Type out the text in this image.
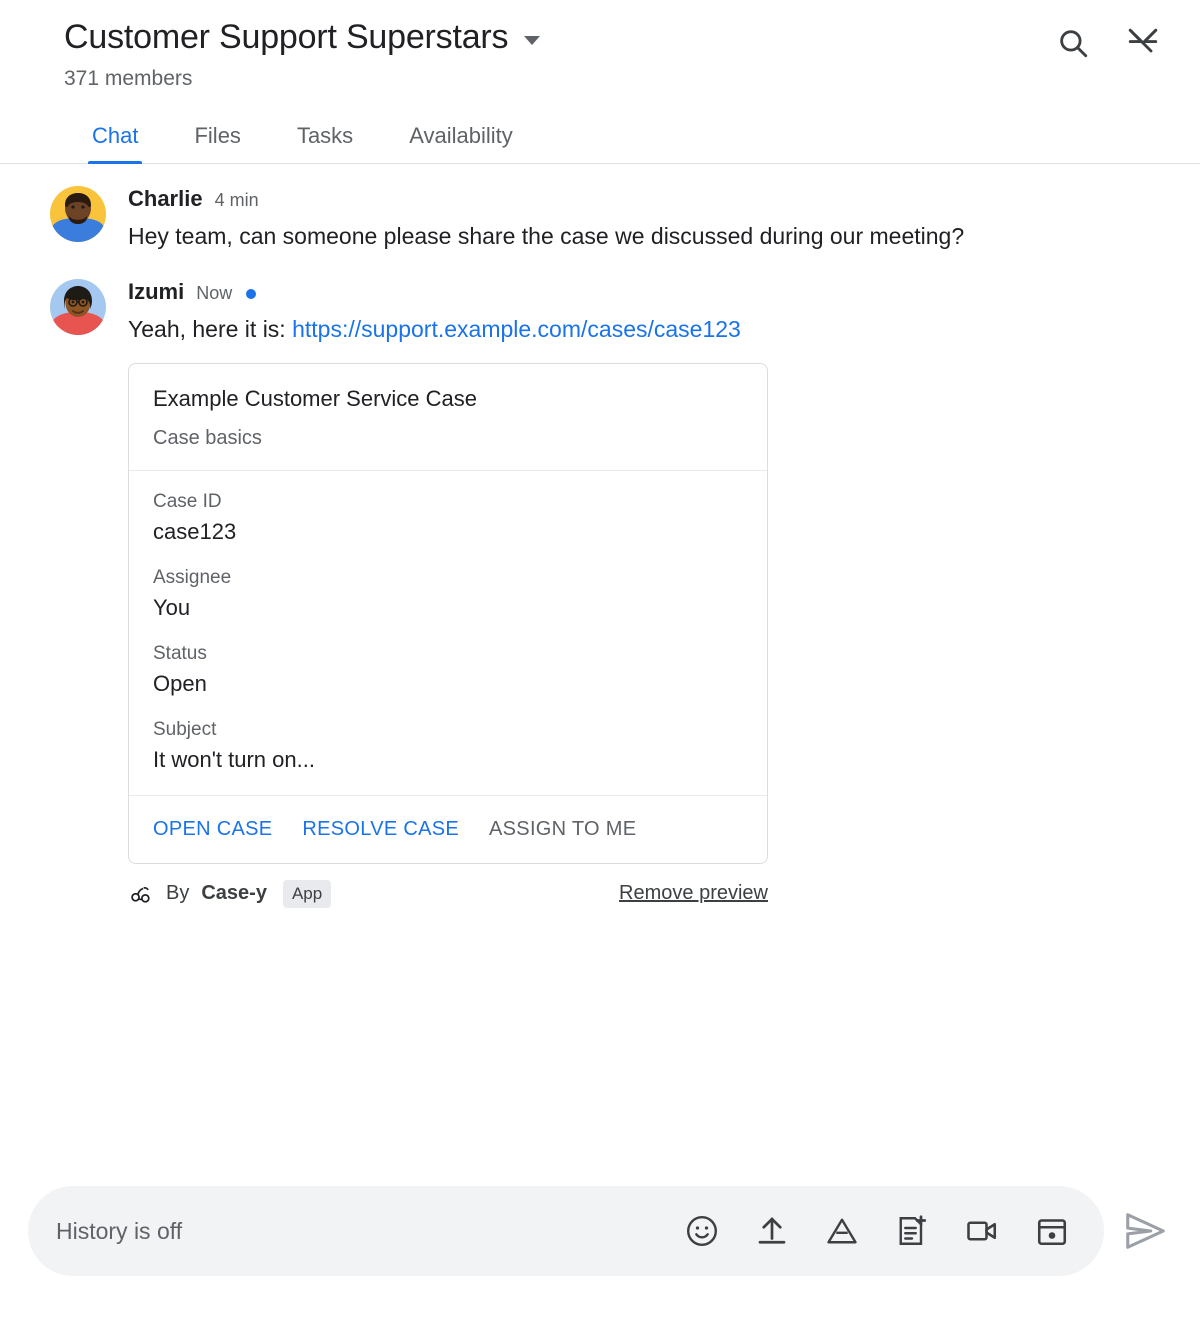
Customer Support Superstars
371 members
Chat	Files	Tasks	Availability
Charlie 4 min
Hey team, can someone please share the case we discussed during our meeting?
Izumi Now
Yeah, here it is: https://support.example.com/cases/case123
Example Customer Service Case
Case basics
Case ID
case123
Assignee
You
Status
Open
Subject
It won't turn on...
OPEN CASE RESOLVE CASE ASSIGN TO ME
By Case-y	App	Remove preview
History is off
